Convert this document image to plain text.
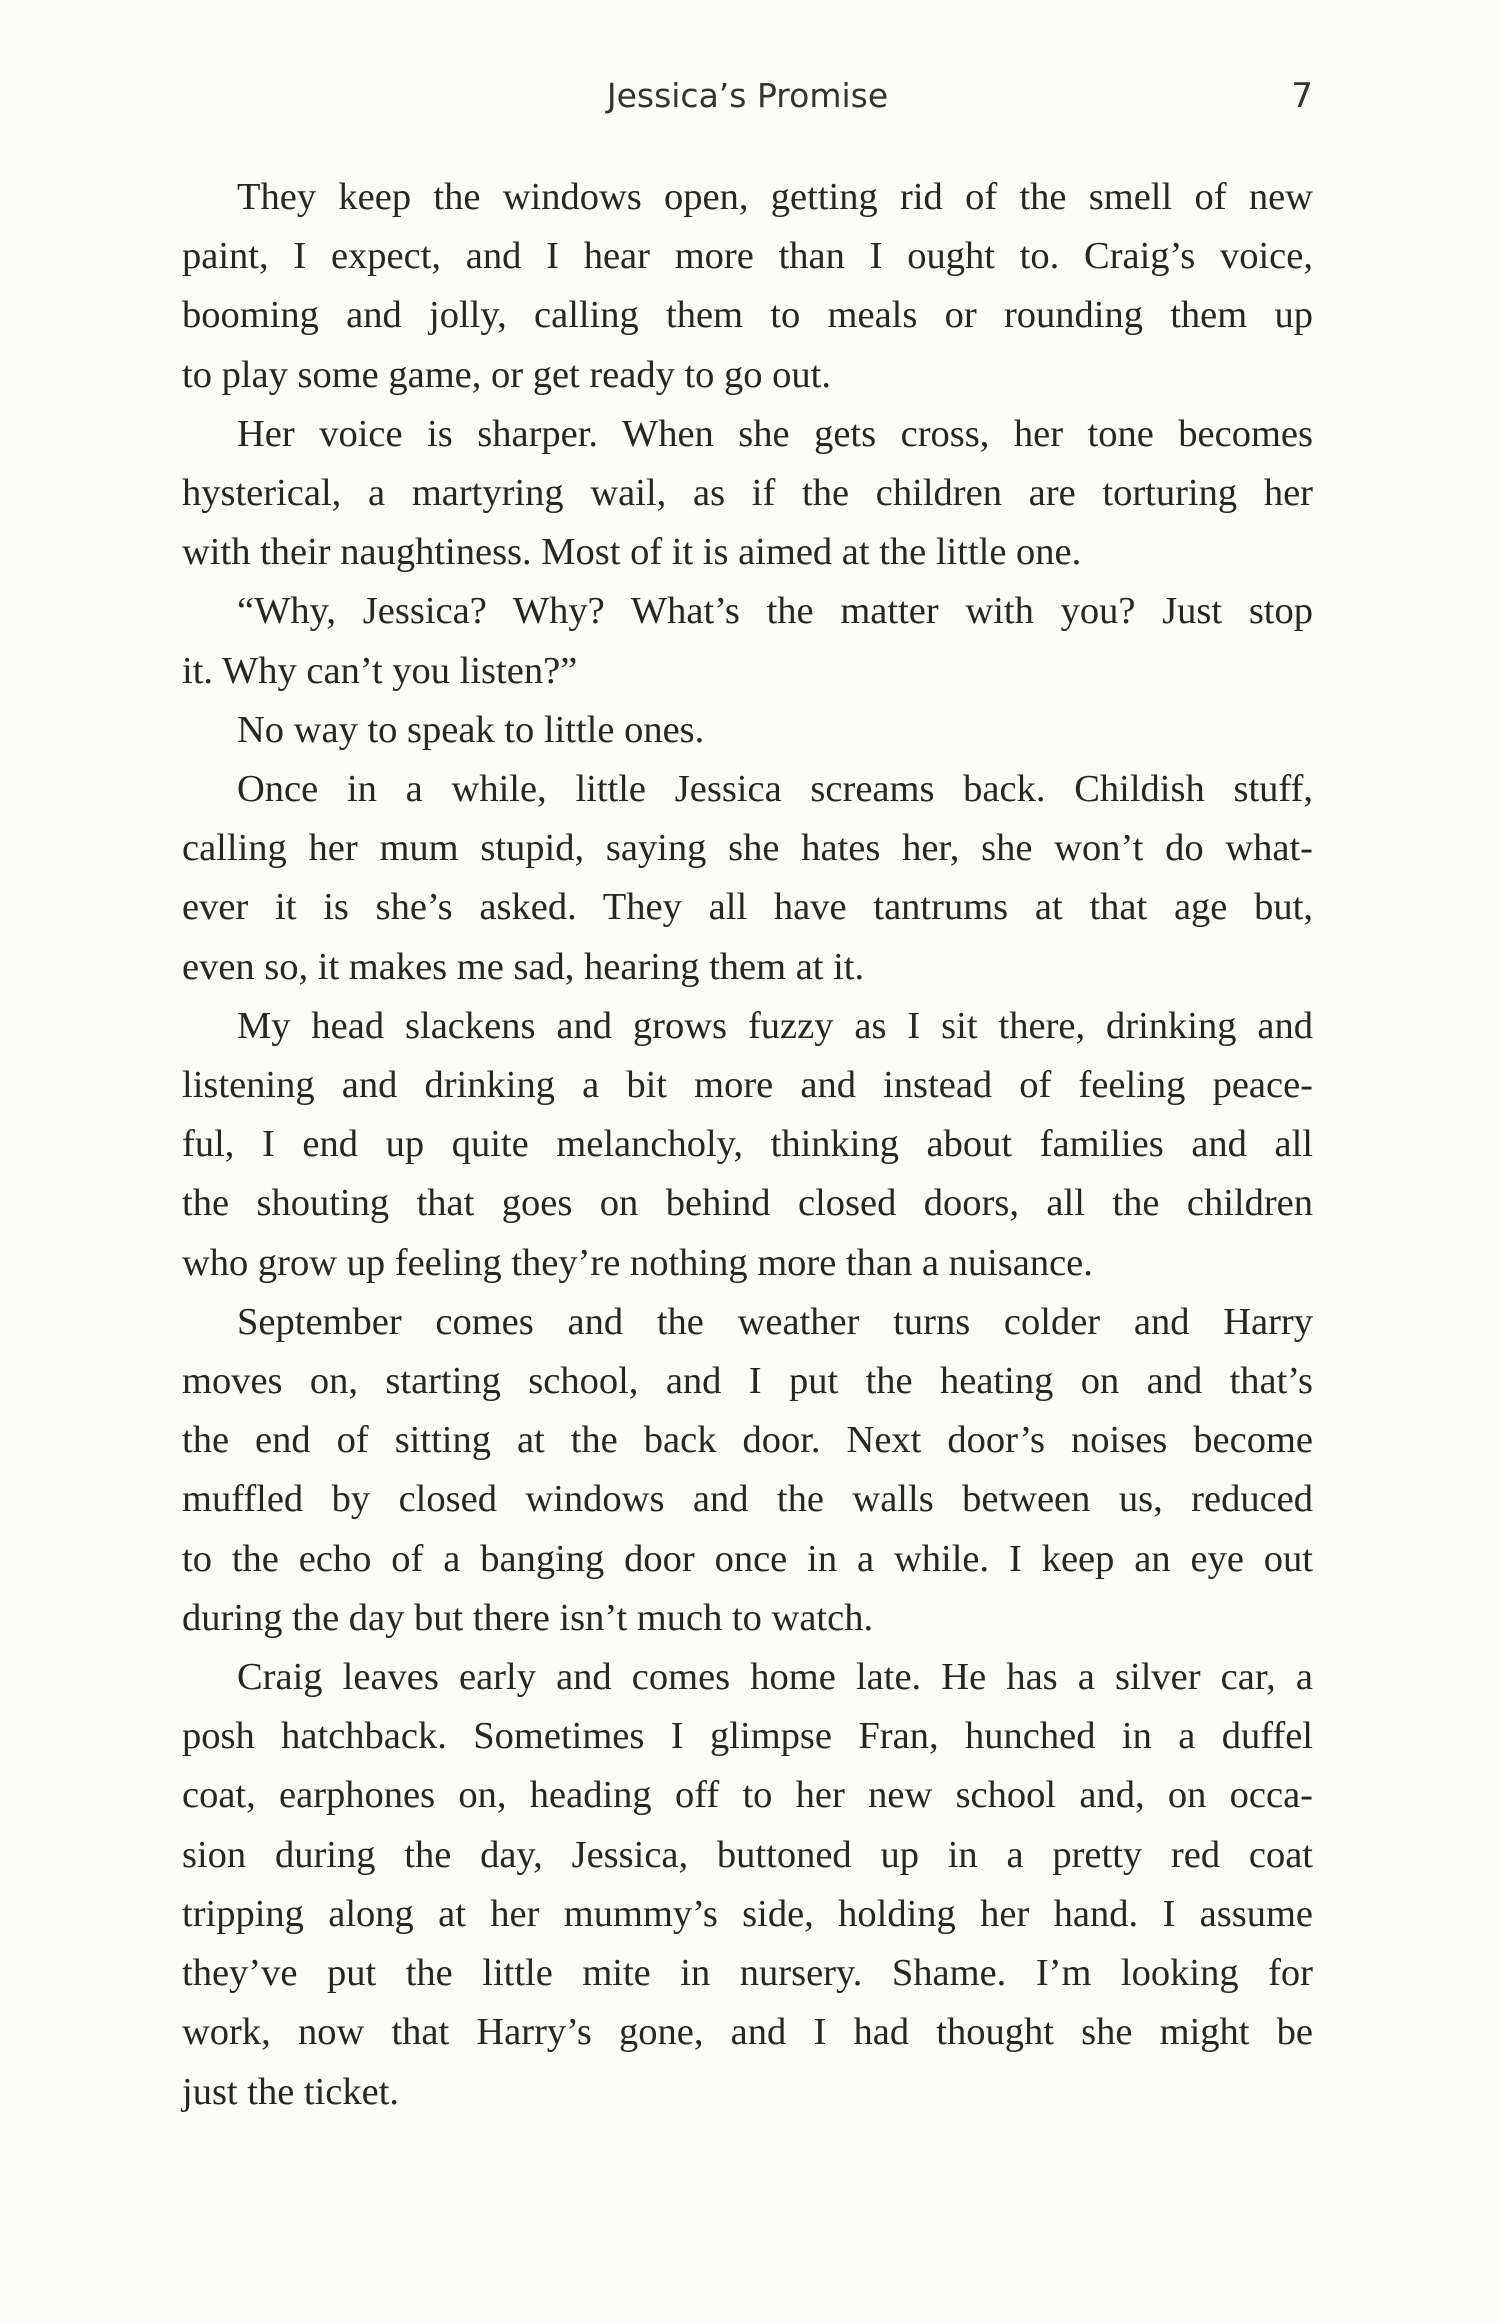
Jessica’s Promise	7
They keep the windows open, getting rid of the smell of new
paint, I expect, and I hear more than I ought to. Craig’s voice,
booming and jolly, calling them to meals or rounding them up
to play some game, or get ready to go out.
Her voice is sharper. When she gets cross, her tone becomes
hysterical, a martyring wail, as if the children are torturing her
with their naughtiness. Most of it is aimed at the little one.
“Why, Jessica? Why? What’s the matter with you? Just stop
it. Why can’t you listen?”
No way to speak to little ones.
Once in a while, little Jessica screams back. Childish stuff,
calling her mum stupid, saying she hates her, she won’t do what-
ever it is she’s asked. They all have tantrums at that age but,
even so, it makes me sad, hearing them at it.
My head slackens and grows fuzzy as I sit there, drinking and
listening and drinking a bit more and instead of feeling peace-
ful, I end up quite melancholy, thinking about families and all
the shouting that goes on behind closed doors, all the children
who grow up feeling they’re nothing more than a nuisance.
September comes and the weather turns colder and Harry
moves on, starting school, and I put the heating on and that’s
the end of sitting at the back door. Next door’s noises become
muffled by closed windows and the walls between us, reduced
to the echo of a banging door once in a while. I keep an eye out
during the day but there isn’t much to watch.
Craig leaves early and comes home late. He has a silver car, a
posh hatchback. Sometimes I glimpse Fran, hunched in a duffel
coat, earphones on, heading off to her new school and, on occa-
sion during the day, Jessica, buttoned up in a pretty red coat
tripping along at her mummy’s side, holding her hand. I assume
they’ve put the little mite in nursery. Shame. I’m looking for
work, now that Harry’s gone, and I had thought she might be
just the ticket.
